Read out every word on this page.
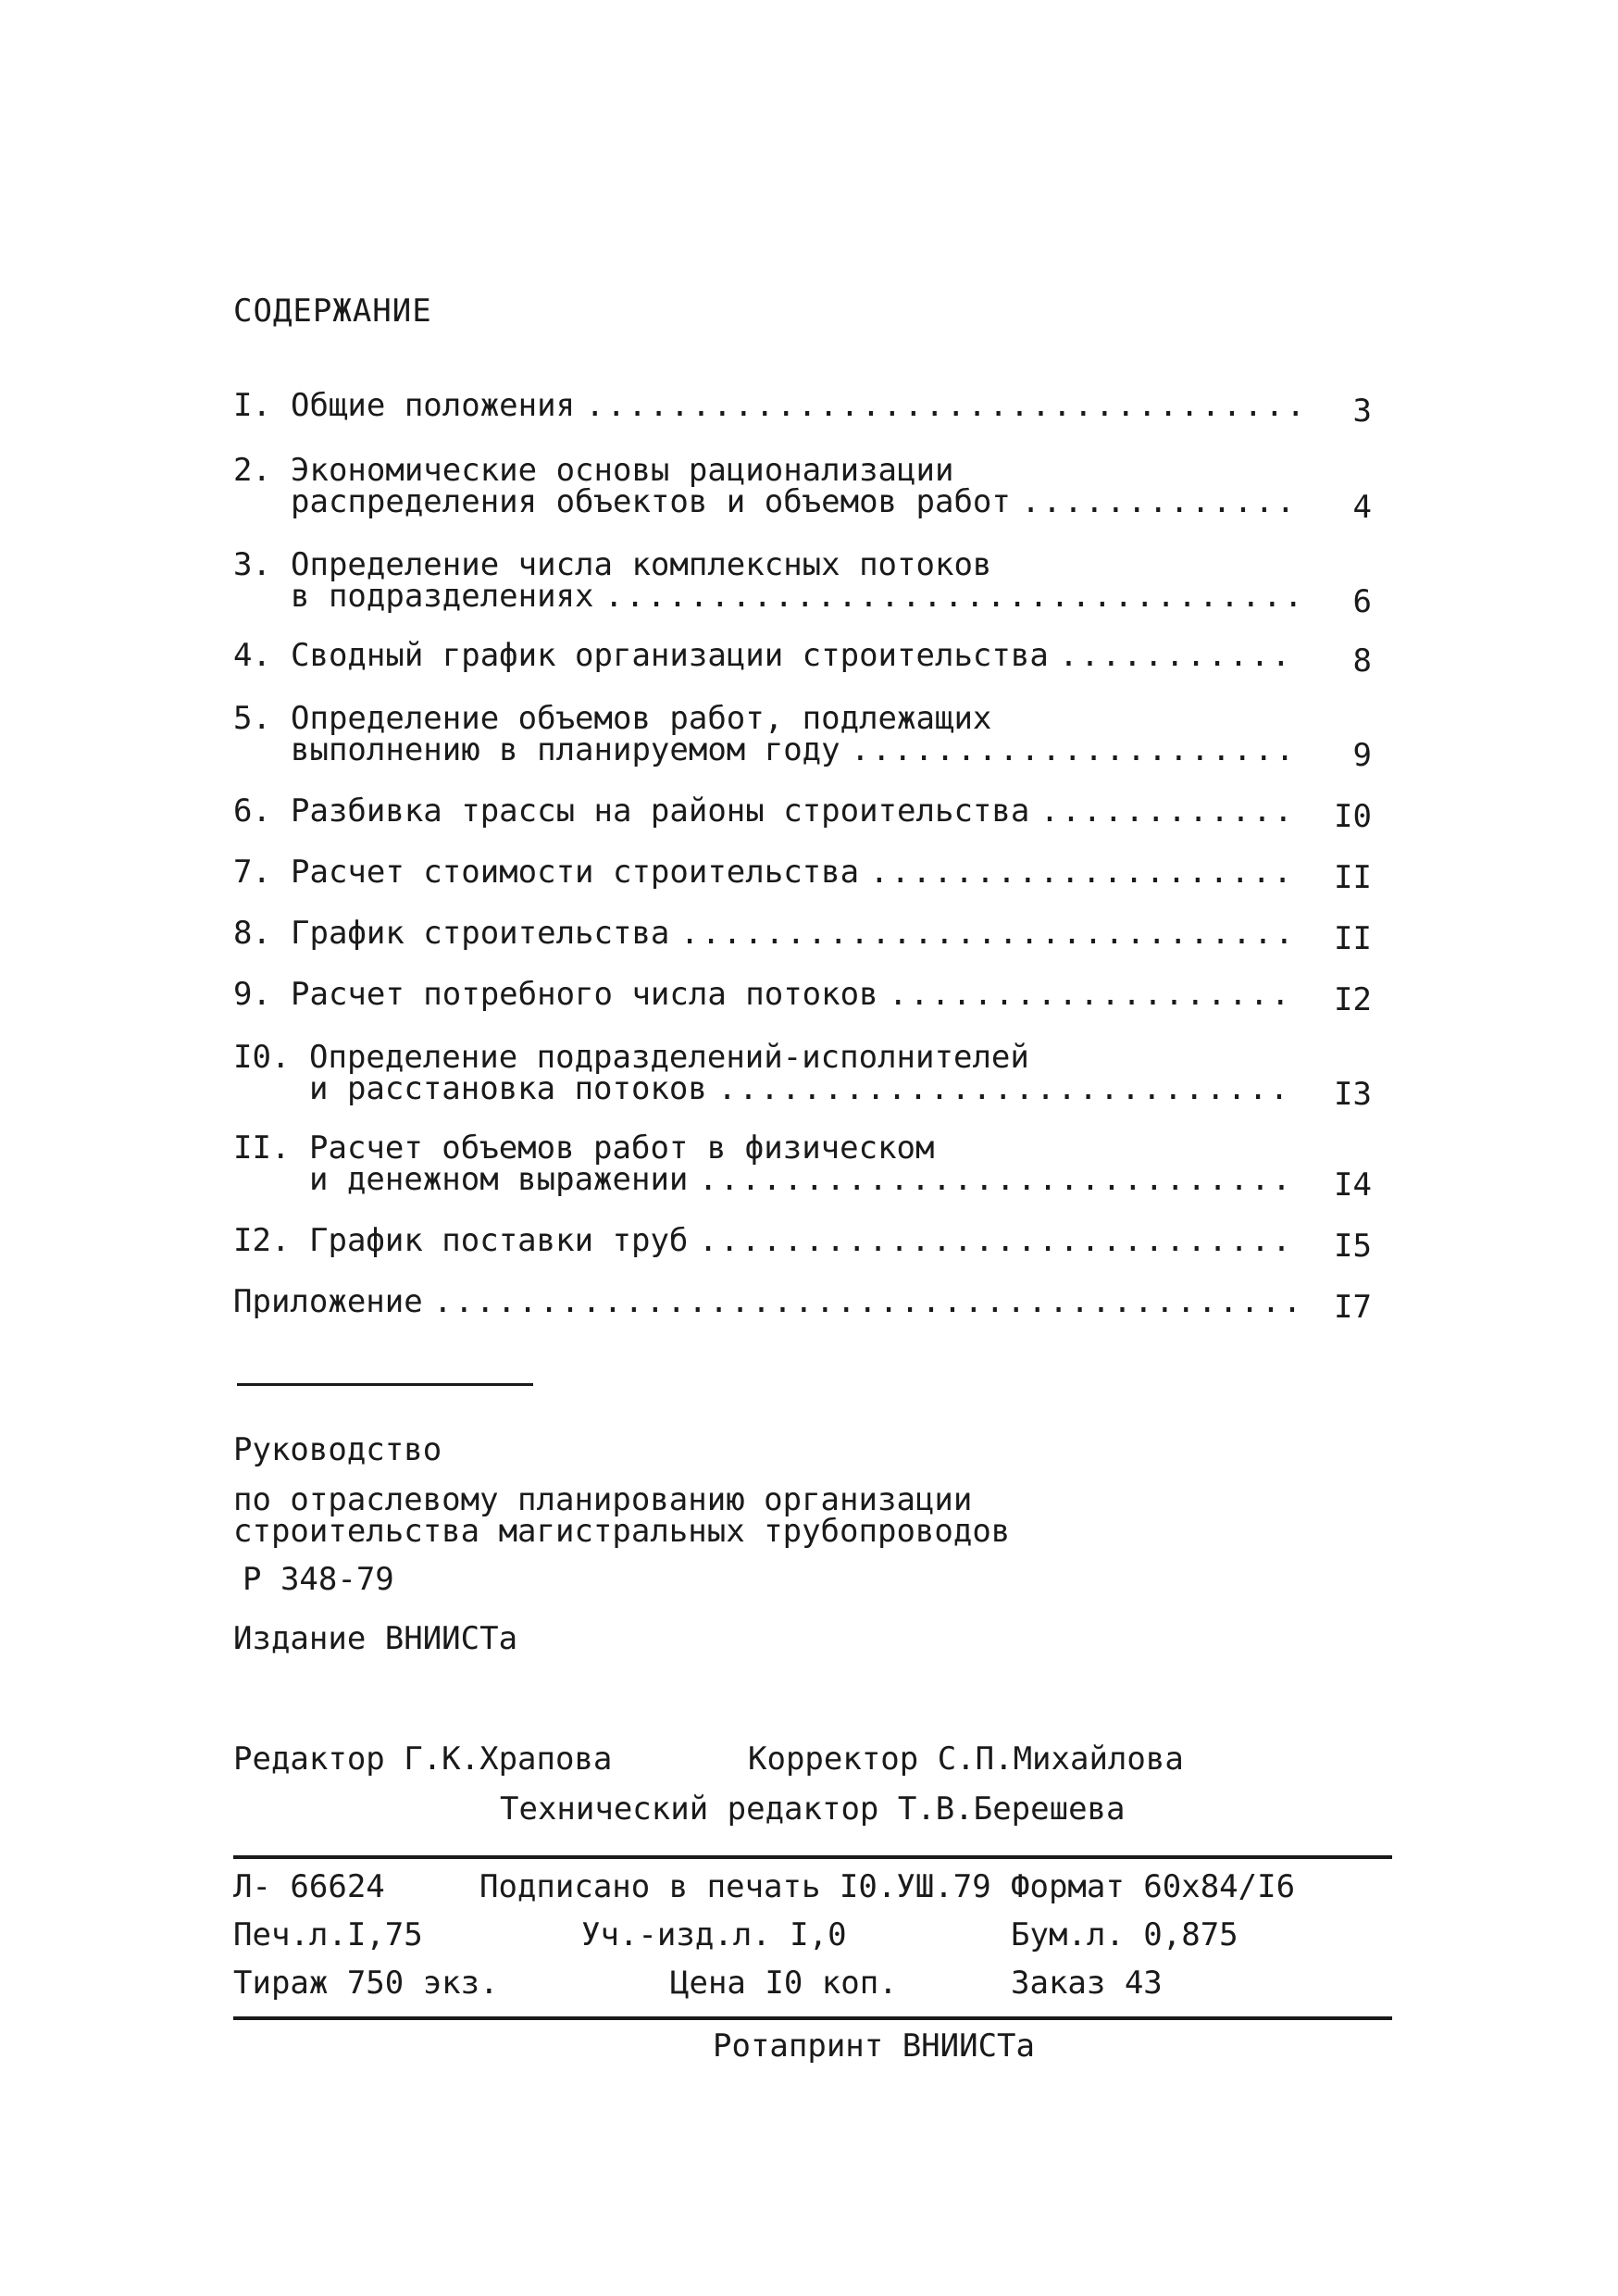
СОДЕРЖАНИЕ
I. Общие положения . . .	3
2. Экономические основы рационализации
распределения объектов и объемов работ . . .	4
3. Определение числа комплексных потоков
в подразделениях . . .	6
4. Сводный график организации строительства . . .	8
5. Определение объемов работ, подлежащих
выполнению в планируемом году . . .	9
6. Разбивка трассы на районы строительства . . .	I0
7. Расчет стоимости строительства . . .	II
8. График строительства . . .	II
9. Расчет потребного числа потоков . . .	I2
I0. Определение подразделений-исполнителей
и расстановка потоков . . .	I3
II. Расчет объемов работ в физическом
и денежном выражении . . .	I4
I2. График поставки труб . . .	I5
Приложение . . .	I7
Руководство
по отраслевому планированию организации
строительства магистральных трубопроводов
Р 348-79
Издание ВНИИСТа
Редактор Г.К.Храпова	Корректор С.П.Михайлова
Технический редактор Т.В.Берешева
Л- 66624	Подписано в печать I0.УШ.79 Формат 60х84/I6
Печ.л.I,75	Уч.-изд.л. I,0	Бум.л. 0,875
Тираж 750 экз.	Цена I0 коп.	Заказ 43
Ротапринт ВНИИСТа
